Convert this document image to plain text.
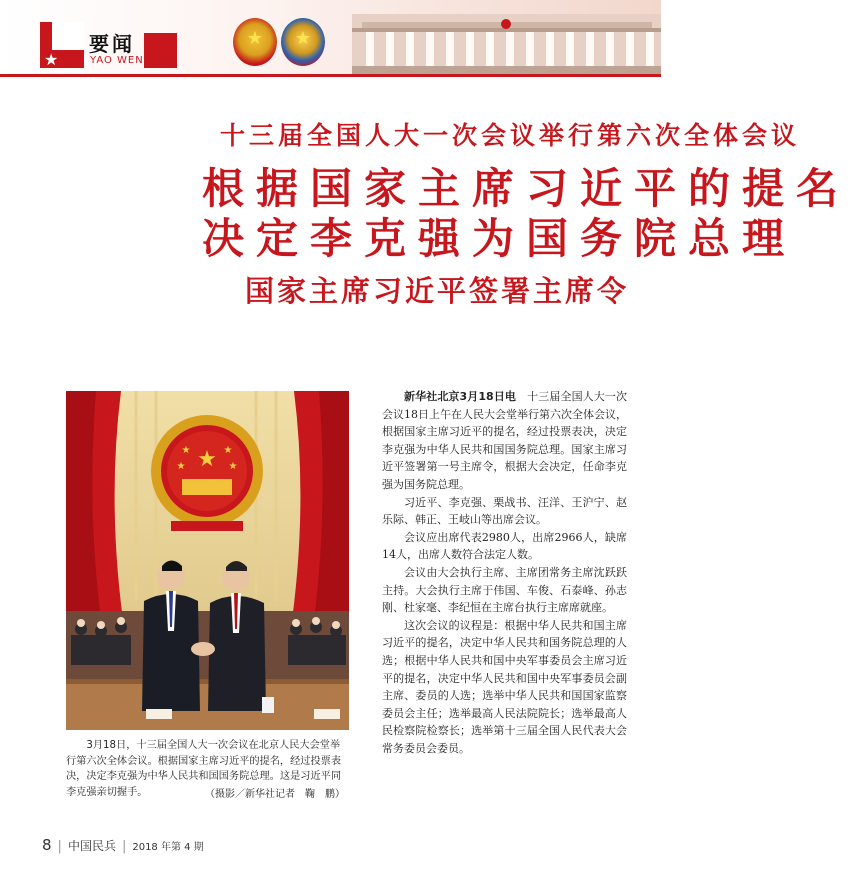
★
要闻
YAO WEN
★	★
十三届全国人大一次会议举行第六次全体会议
根据国家主席习近平的提名
决定李克强为国务院总理
国家主席习近平签署主席令
★
★	★
★	★
3月18日，十三届全国人大一次会议在北京人民大会堂举行第六次全体会议。根据国家主席习近平的提名，经过投票表决，决定李克强为中华人民共和国国务院总理。这是习近平同李克强亲切握手。	（摄影／新华社记者　鞠　鹏）

新华社北京3月18日电　 十三届全国人大一次会议18日上午在人民大会堂举行第六次全体会议，根据国家主席习近平的提名，经过投票表决，决定李克强为中华人民共和国国务院总理。国家主席习近平签署第一号主席令，根据大会决定，任命李克强为国务院总理。

习近平、李克强、栗战书、汪洋、王沪宁、赵乐际、韩正、王岐山等出席会议。

会议应出席代表2980人，出席2966人，缺席14人，出席人数符合法定人数。

会议由大会执行主席、主席团常务主席沈跃跃主持。大会执行主席于伟国、车俊、石泰峰、孙志刚、杜家毫、李纪恒在主席台执行主席席就座。

这次会议的议程是：根据中华人民共和国主席习近平的提名，决定中华人民共和国务院总理的人选；根据中华人民共和国中央军事委员会主席习近平的提名，决定中华人民共和国中央军事委员会副主席、委员的人选；选举中华人民共和国国家监察委员会主任；选举最高人民法院院长；选举最高人民检察院检察长；选举第十三届全国人民代表大会常务委员会委员。

8 | 中国民兵 | 2018 年第 4 期
